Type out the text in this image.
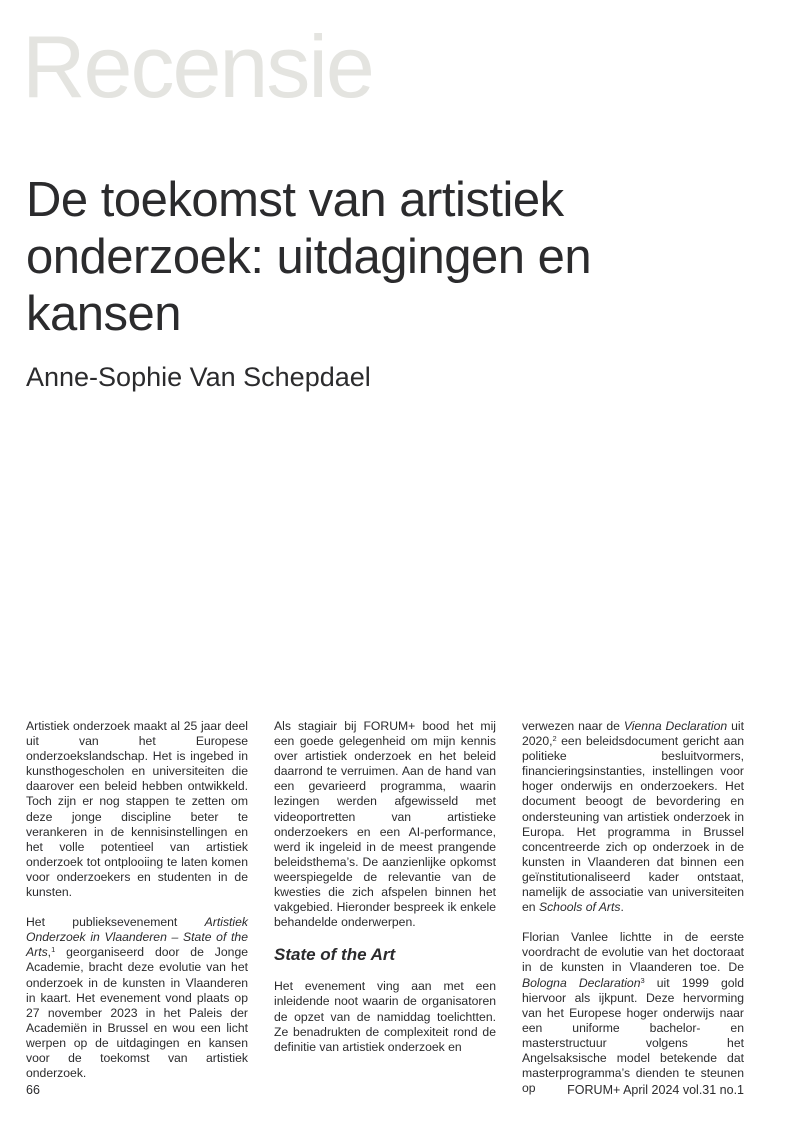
Recensie
De toekomst van artistiek onderzoek: uitdagingen en kansen
Anne-Sophie Van Schepdael

Artistiek onderzoek maakt al 25 jaar deel uit van het Europese onderzoekslandschap. Het is ingebed in kunsthogescholen en universiteiten die daarover een beleid hebben ontwikkeld. Toch zijn er nog stappen te zetten om deze jonge discipline beter te verankeren in de kennisinstellingen en het volle potentieel van artistiek onderzoek tot ontplooiing te laten komen voor onderzoekers en studenten in de kunsten.

Het publieksevenement Artistiek Onderzoek in Vlaanderen – State of the Arts,$^1$ georganiseerd door de Jonge Academie, bracht deze evolutie van het onderzoek in de kunsten in Vlaanderen in kaart. Het evenement vond plaats op 27 november 2023 in het Paleis der Academiën in Brussel en wou een licht werpen op de uitdagingen en kansen voor de toekomst van artistiek onderzoek.

Als stagiair bij FORUM+ bood het mij een goede gelegenheid om mijn kennis over artistiek onderzoek en het beleid daarrond te verruimen. Aan de hand van een gevarieerd programma, waarin lezingen werden afgewisseld met videoportretten van artistieke onderzoekers en een AI-performance, werd ik ingeleid in de meest prangende beleidsthema’s. De aanzienlijke opkomst weerspiegelde de relevantie van de kwesties die zich afspelen binnen het vakgebied. Hieronder bespreek ik enkele behandelde onderwerpen.

State of the Art

Het evenement ving aan met een inleidende noot waarin de organisatoren de opzet van de namiddag toelichtten. Ze benadrukten de complexiteit rond de definitie van artistiek onderzoek en

verwezen naar de Vienna Declaration uit 2020,$^2$ een beleidsdocument gericht aan politieke besluitvormers, financieringsinstanties, instellingen voor hoger onderwijs en onderzoekers. Het document beoogt de bevordering en ondersteuning van artistiek onderzoek in Europa. Het programma in Brussel concentreerde zich op onderzoek in de kunsten in Vlaanderen dat binnen een geïnstitutionaliseerd kader ontstaat, namelijk de associatie van universiteiten en Schools of Arts.

Florian Vanlee lichtte in de eerste voordracht de evolutie van het doctoraat in de kunsten in Vlaanderen toe. De Bologna Declaration$^3$ uit 1999 gold hiervoor als ijkpunt. Deze hervorming van het Europese hoger onderwijs naar een uniforme bachelor- en masterstructuur volgens het Angelsaksische model betekende dat masterprogramma’s dienden te steunen op

66	FORUM+ April 2024 vol.31 no.1
